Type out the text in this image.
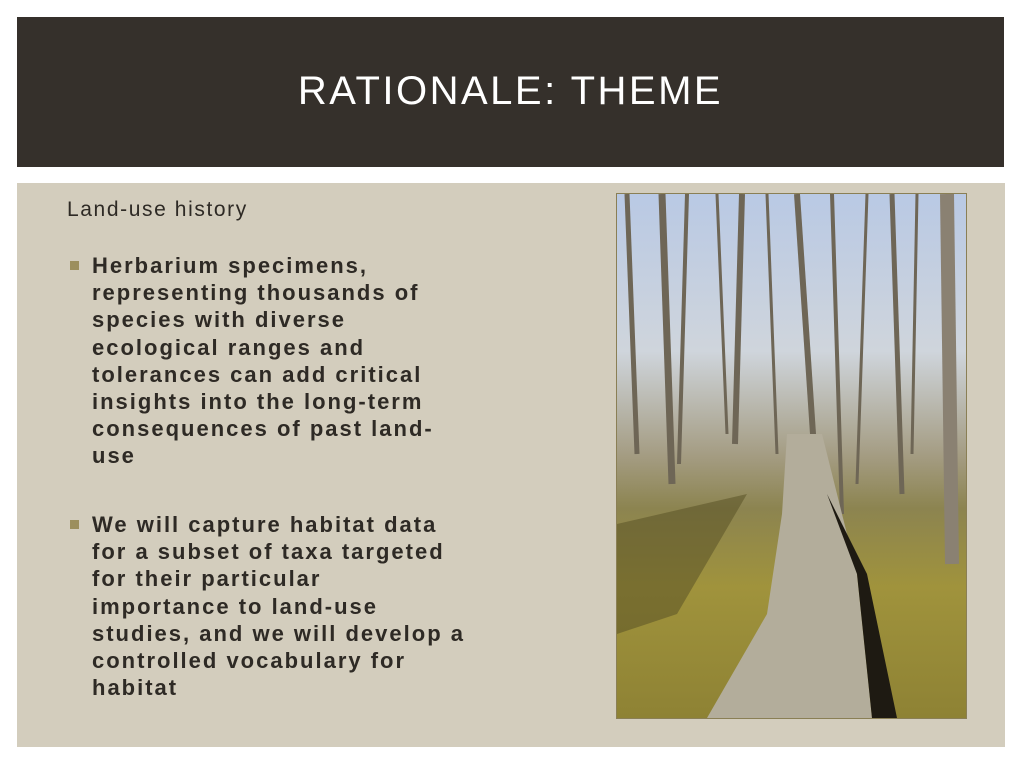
RATIONALE: THEME
Land-use history
Herbarium specimens,
representing thousands of
species with diverse
ecological ranges and
tolerances can add critical
insights into the long-term
consequences of past land-
use
We will capture habitat data
for a subset of taxa targeted
for their particular
importance to land-use
studies, and we will develop a
controlled vocabulary for
habitat
